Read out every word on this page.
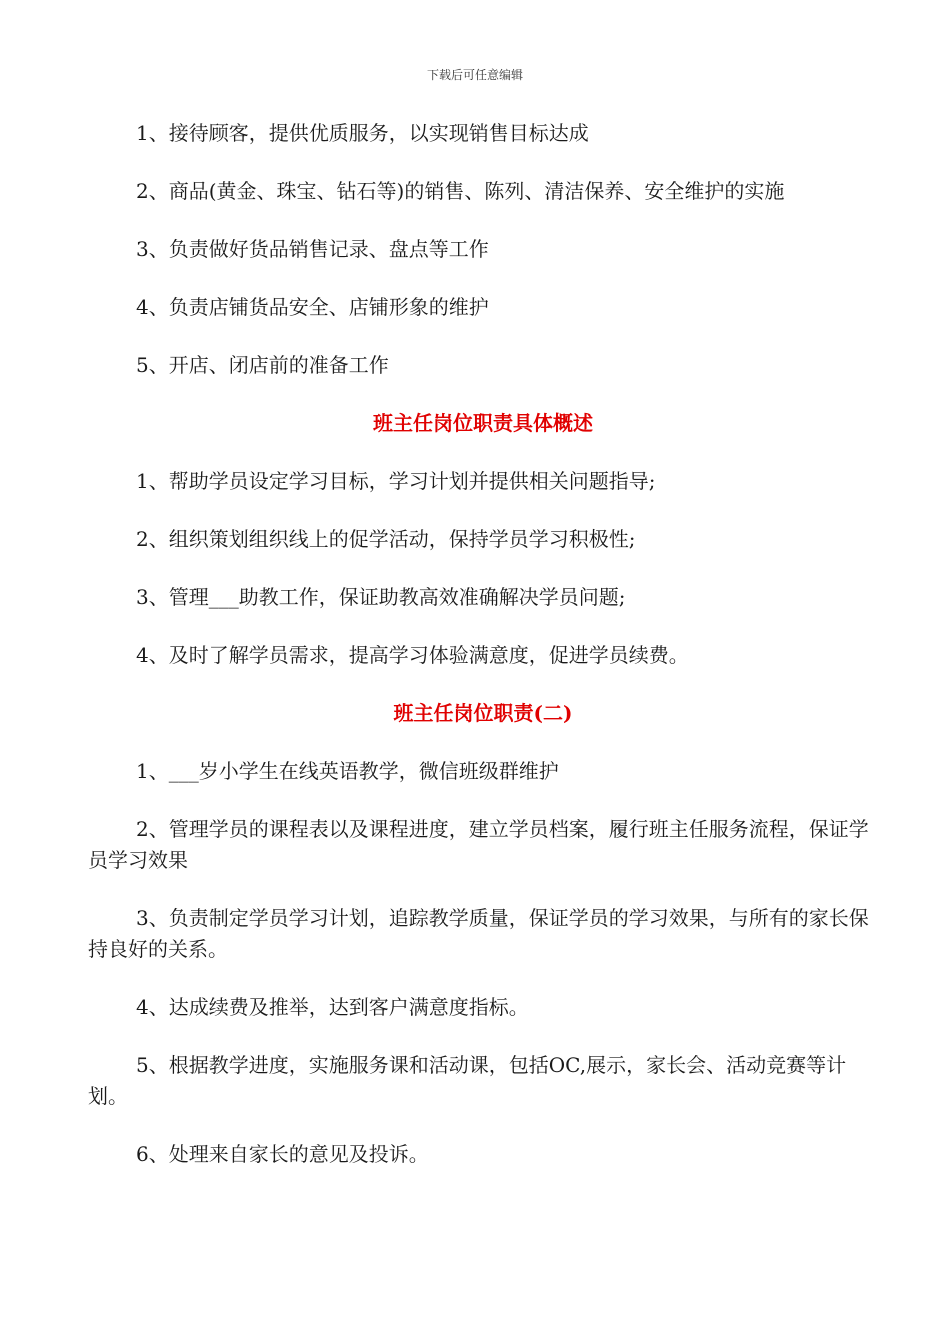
下载后可任意编辑

1、接待顾客，提供优质服务，以实现销售目标达成

2、商品(黄金、珠宝、钻石等)的销售、陈列、清洁保养、安全维护的实施

3、负责做好货品销售记录、盘点等工作

4、负责店铺货品安全、店铺形象的维护

5、开店、闭店前的准备工作

班主任岗位职责具体概述

1、帮助学员设定学习目标，学习计划并提供相关问题指导;

2、组织策划组织线上的促学活动，保持学员学习积极性;

3、管理___助教工作，保证助教高效准确解决学员问题;

4、及时了解学员需求，提高学习体验满意度，促进学员续费。

班主任岗位职责(二)

1、___岁小学生在线英语教学，微信班级群维护

2、管理学员的课程表以及课程进度，建立学员档案，履行班主任服务流程，保证学员学习效果

3、负责制定学员学习计划，追踪教学质量，保证学员的学习效果，与所有的家长保持良好的关系。

4、达成续费及推举，达到客户满意度指标。

5、根据教学进度，实施服务课和活动课，包括OC,展示，家长会、活动竞赛等计划。

6、处理来自家长的意见及投诉。
